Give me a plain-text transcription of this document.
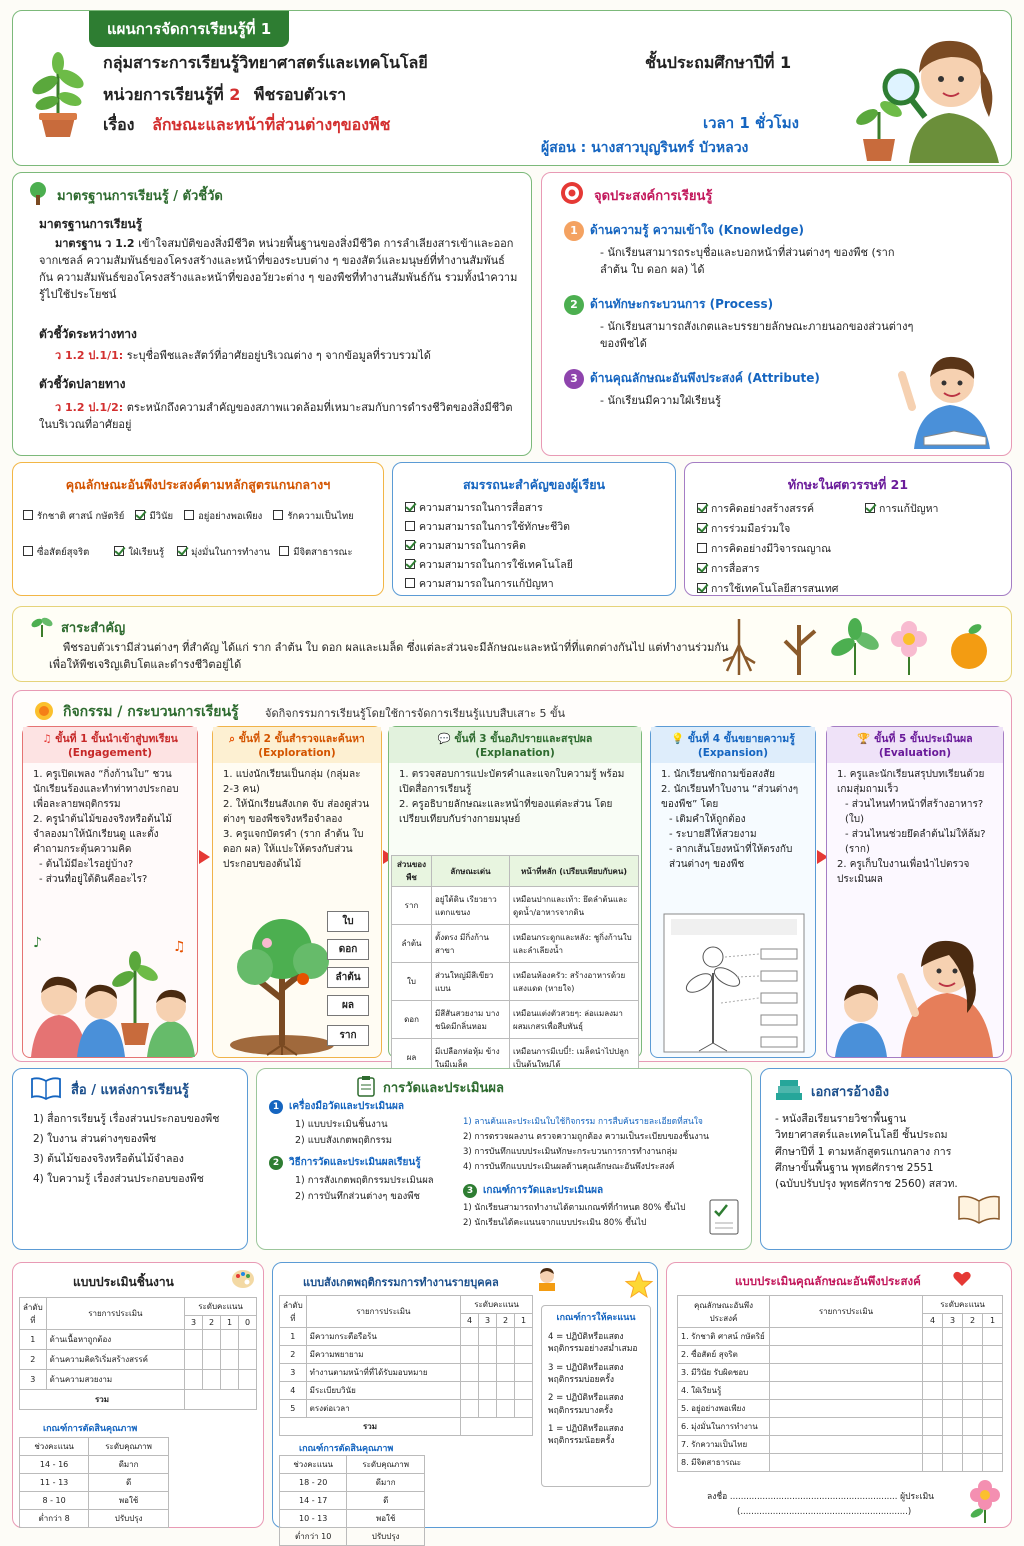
แผนการจัดการเรียนรู้ที่ 1
กลุ่มสาระการเรียนรู้วิทยาศาสตร์และเทคโนโลยี	ชั้นประถมศึกษาปีที่ 1
หน่วยการเรียนรู้ที่ 2 พืชรอบตัวเรา
เรื่อง ลักษณะและหน้าที่ส่วนต่างๆของพืช	เวลา 1 ชั่วโมง
ผู้สอน : นางสาวบุญรินทร์ บัวหลวง
มาตรฐานการเรียนรู้ / ตัวชี้วัด
มาตรฐานการเรียนรู้
มาตรฐาน ว 1.2 เข้าใจสมบัติของสิ่งมีชีวิต หน่วยพื้นฐานของสิ่งมีชีวิต การลำเลียงสารเข้าและออกจากเซลล์ ความสัมพันธ์ของโครงสร้างและหน้าที่ของระบบต่าง ๆ ของสัตว์และมนุษย์ที่ทำงานสัมพันธ์กัน ความสัมพันธ์ของโครงสร้างและหน้าที่ของอวัยวะต่าง ๆ ของพืชที่ทำงานสัมพันธ์กัน รวมทั้งนำความรู้ไปใช้ประโยชน์
ตัวชี้วัดระหว่างทาง
ว 1.2 ป.1/1: ระบุชื่อพืชและสัตว์ที่อาศัยอยู่บริเวณต่าง ๆ จากข้อมูลที่รวบรวมได้
ตัวชี้วัดปลายทาง
ว 1.2 ป.1/2: ตระหนักถึงความสำคัญของสภาพแวดล้อมที่เหมาะสมกับการดำรงชีวิตของสิ่งมีชีวิตในบริเวณที่อาศัยอยู่
จุดประสงค์การเรียนรู้
1 ด้านความรู้ ความเข้าใจ (Knowledge)
- นักเรียนสามารถระบุชื่อและบอกหน้าที่ส่วนต่างๆ ของพืช (ราก ลำต้น ใบ ดอก ผล) ได้
2 ด้านทักษะกระบวนการ (Process)
- นักเรียนสามารถสังเกตและบรรยายลักษณะภายนอกของส่วนต่างๆ ของพืชได้
3 ด้านคุณลักษณะอันพึงประสงค์ (Attribute)
- นักเรียนมีความใฝ่เรียนรู้
คุณลักษณะอันพึงประสงค์ตามหลักสูตรแกนกลางฯ
รักชาติ ศาสน์ กษัตริย์	มีวินัย	อยู่อย่างพอเพียง	รักความเป็นไทย
ซื่อสัตย์สุจริต	ใฝ่เรียนรู้	มุ่งมั่นในการทำงาน มีจิตสาธารณะ
สมรรถนะสำคัญของผู้เรียน
ความสามารถในการสื่อสาร
ความสามารถในการใช้ทักษะชีวิต
ความสามารถในการคิด
ความสามารถในการใช้เทคโนโลยี
ความสามารถในการแก้ปัญหา
ทักษะในศตวรรษที่ 21
การคิดอย่างสร้างสรรค์
การร่วมมือร่วมใจ
การคิดอย่างมีวิจารณญาณ
การสื่อสาร
การใช้เทคโนโลยีสารสนเทศ
การแก้ปัญหา
สาระสำคัญ
พืชรอบตัวเรามีส่วนต่างๆ ที่สำคัญ ได้แก่ ราก ลำต้น ใบ ดอก ผลและเมล็ด ซึ่งแต่ละส่วนจะมีลักษณะและหน้าที่ที่แตกต่างกันไป แต่ทำงานร่วมกันเพื่อให้พืชเจริญเติบโตและดำรงชีวิตอยู่ได้
กิจกรรม / กระบวนการเรียนรู้ จัดกิจกรรมการเรียนรู้โดยใช้การจัดการเรียนรู้แบบสืบเสาะ 5 ขั้น
♫ ขั้นที่ 1 ขั้นนำเข้าสู่บทเรียน
(Engagement)
1. ครูเปิดเพลง “กิ่งก้านใบ” ชวนนักเรียนร้องและทำท่าทางประกอบเพื่อละลายพฤติกรรม
2. ครูนำต้นไม้ของจริงหรือต้นไม้จำลองมาให้นักเรียนดู และตั้งคำถามกระตุ้นความคิด
- ต้นไม้มีอะไรอยู่บ้าง?
- ส่วนที่อยู่ใต้ดินคืออะไร?
♪	♫
⌕ ขั้นที่ 2 ขั้นสำรวจและค้นหา
(Exploration)
1. แบ่งนักเรียนเป็นกลุ่ม (กลุ่มละ 2-3 คน)
2. ให้นักเรียนสังเกต จับ ส่องดูส่วนต่างๆ ของพืชจริงหรือจำลอง
3. ครูแจกบัตรคำ (ราก ลำต้น ใบ ดอก ผล) ให้แปะให้ตรงกับส่วนประกอบของต้นไม้
ใบ
ดอก
ลำต้น
ผล
ราก
💬 ขั้นที่ 3 ขั้นอภิปรายและสรุปผล
(Explanation)
1. ตรวจสอบการแปะบัตรคำและแจกใบความรู้ พร้อมเปิดสื่อการเรียนรู้
2. ครูอธิบายลักษณะและหน้าที่ของแต่ละส่วน โดยเปรียบเทียบกับร่างกายมนุษย์
ส่วนของพืช	ลักษณะเด่น	หน้าที่หลัก (เปรียบเทียบกับคน)
ราก	อยู่ใต้ดิน เรียวยาวแตกแขนง	เหมือนปากและเท้า: ยึดลำต้นและดูดน้ำ/อาหารจากดิน
ลำต้น	ตั้งตรง มีกิ่งก้านสาขา	เหมือนกระดูกและหลัง: ชูกิ่งก้านใบและลำเลียงน้ำ
ใบ	ส่วนใหญ่มีสีเขียว แบน	เหมือนห้องครัว: สร้างอาหารด้วยแสงแดด (หายใจ)
ดอก	มีสีสันสวยงาม บางชนิดมีกลิ่นหอม	เหมือนแต่งตัวสวยๆ: ล่อแมลงมาผสมเกสรเพื่อสืบพันธุ์
ผล	มีเปลือกห่อหุ้ม ข้างในมีเมล็ด	เหมือนการมีเบบี๋!: เมล็ดนำไปปลูกเป็นต้นใหม่ได้
💡 ขั้นที่ 4 ขั้นขยายความรู้
(Expansion)
1. นักเรียนซักถามข้อสงสัย
2. นักเรียนทำใบงาน “ส่วนต่างๆของพืช” โดย
- เติมคำให้ถูกต้อง
- ระบายสีให้สวยงาม
- ลากเส้นโยงหน้าที่ให้ตรงกับส่วนต่างๆ ของพืช
🏆 ขั้นที่ 5 ขั้นประเมินผล
(Evaluation)
1. ครูและนักเรียนสรุปบทเรียนด้วยเกมสุ่มถามเร็ว
- ส่วนไหนทำหน้าที่สร้างอาหาร? (ใบ)
- ส่วนไหนช่วยยึดลำต้นไม่ให้ล้ม? (ราก)
2. ครูเก็บใบงานเพื่อนำไปตรวจประเมินผล
สื่อ / แหล่งการเรียนรู้
1) สื่อการเรียนรู้ เรื่องส่วนประกอบของพืช
2) ใบงาน ส่วนต่างๆของพืช
3) ต้นไม้ของจริงหรือต้นไม้จำลอง
4) ใบความรู้ เรื่องส่วนประกอบของพืช
การวัดและประเมินผล
1 เครื่องมือวัดและประเมินผล
1) แบบประเมินชิ้นงาน
2) แบบสังเกตพฤติกรรม
2 วิธีการวัดและประเมินผลเรียนรู้
1) การสังเกตพฤติกรรมประเมินผล
2) การบันทึกส่วนต่างๆ ของพืช
1) ลานค้นและประเมินใบใช้กิจกรรม การสืบค้นรายละเอียดที่สนใจ
2) การตรวจผลงาน ตรวจความถูกต้อง ความเป็นระเบียบของชิ้นงาน
3) การบันทึกแบบประเมินทักษะกระบวนการการทำงานกลุ่ม
4) การบันทึกแบบประเมินผลด้านคุณลักษณะอันพึงประสงค์
3 เกณฑ์การวัดและประเมินผล
1) นักเรียนสามารถทำงานได้ตามเกณฑ์ที่กำหนด 80% ขึ้นไป
2) นักเรียนได้คะแนนจากแบบประเมิน 80% ขึ้นไป
เอกสารอ้างอิง
- หนังสือเรียนรายวิชาพื้นฐาน วิทยาศาสตร์และเทคโนโลยี ชั้นประถมศึกษาปีที่ 1 ตามหลักสูตรแกนกลาง การศึกษาขั้นพื้นฐาน พุทธศักราช 2551 (ฉบับปรับปรุง พุทธศักราช 2560) สสวท.
แบบประเมินชิ้นงาน
ลำดับที่	รายการประเมิน	ระดับคะแนน			
		3	2	1	0
1	ด้านเนื้อหาถูกต้อง				
2	ด้านความคิดริเริ่มสร้างสรรค์				
3	ด้านความสวยงาม				
รวม					
เกณฑ์การตัดสินคุณภาพ
ช่วงคะแนน	ระดับคุณภาพ
14 - 16	ดีมาก
11 - 13	ดี
8 - 10	พอใช้
ต่ำกว่า 8	ปรับปรุง
แบบสังเกตพฤติกรรมการทำงานรายบุคคล
ลำดับที่	รายการประเมิน	ระดับคะแนน			
		4	3	2	1
1	มีความกระตือรือร้น				
2	มีความพยายาม				
3	ทำงานตามหน้าที่ที่ได้รับมอบหมาย				
4	มีระเบียบวินัย				
5	ตรงต่อเวลา				
รวม					
เกณฑ์การตัดสินคุณภาพ
ช่วงคะแนน	ระดับคุณภาพ
18 - 20	ดีมาก
14 - 17	ดี
10 - 13	พอใช้
ต่ำกว่า 10	ปรับปรุง
เกณฑ์การให้คะแนน
4 = ปฏิบัติหรือแสดงพฤติกรรมอย่างสม่ำเสมอ
3 = ปฏิบัติหรือแสดงพฤติกรรมบ่อยครั้ง
2 = ปฏิบัติหรือแสดงพฤติกรรมบางครั้ง
1 = ปฏิบัติหรือแสดงพฤติกรรมน้อยครั้ง
แบบประเมินคุณลักษณะอันพึงประสงค์
คุณลักษณะอันพึงประสงค์	รายการประเมิน	ระดับคะแนน			
		4	3	2	1
1. รักชาติ ศาสน์ กษัตริย์					
2. ซื่อสัตย์ สุจริต					
3. มีวินัย รับผิดชอบ					
4. ใฝ่เรียนรู้					
5. อยู่อย่างพอเพียง					
6. มุ่งมั่นในการทำงาน					
7. รักความเป็นไทย					
8. มีจิตสาธารณะ					
ลงชื่อ .............................................................. ผู้ประเมิน
(..............................................................)
